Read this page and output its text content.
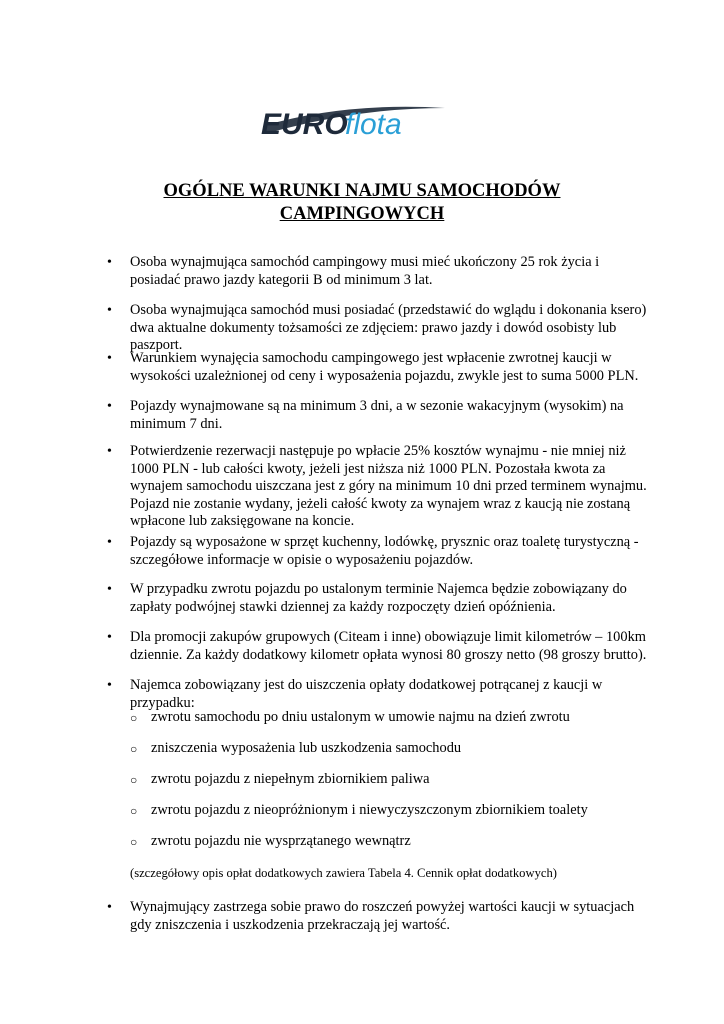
EURO
flota
OGÓLNE WARUNKI NAJMU SAMOCHODÓW
CAMPINGOWYCH
• Osoba wynajmująca samochód campingowy musi mieć ukończony 25 rok życia i posiadać prawo jazdy kategorii B od minimum 3 lat.
• Osoba wynajmująca samochód musi posiadać (przedstawić do wglądu i dokonania ksero) dwa aktualne dokumenty tożsamości ze zdjęciem: prawo jazdy i dowód osobisty lub paszport.
• Warunkiem wynajęcia samochodu campingowego jest wpłacenie zwrotnej kaucji w wysokości uzależnionej od ceny i wyposażenia pojazdu, zwykle jest to suma 5000 PLN.
• Pojazdy wynajmowane są na minimum 3 dni, a w sezonie wakacyjnym (wysokim) na minimum 7 dni.
• Potwierdzenie rezerwacji następuje po wpłacie 25% kosztów wynajmu - nie mniej niż 1000 PLN - lub całości kwoty, jeżeli jest niższa niż 1000 PLN. Pozostała kwota za wynajem samochodu uiszczana jest z góry na minimum 10 dni przed terminem wynajmu. Pojazd nie zostanie wydany, jeżeli całość kwoty za wynajem wraz z kaucją nie zostaną wpłacone lub zaksięgowane na koncie.
• Pojazdy są wyposażone w sprzęt kuchenny, lodówkę, prysznic oraz toaletę turystyczną - szczegółowe informacje w opisie o wyposażeniu pojazdów.
• W przypadku zwrotu pojazdu po ustalonym terminie Najemca będzie zobowiązany do zapłaty podwójnej stawki dziennej za każdy rozpoczęty dzień opóźnienia.
• Dla promocji zakupów grupowych (Citeam i inne) obowiązuje limit kilometrów – 100km dziennie. Za każdy dodatkowy kilometr opłata wynosi 80 groszy netto (98 groszy brutto).
• Najemca zobowiązany jest do uiszczenia opłaty dodatkowej potrącanej z kaucji w przypadku:
○ zwrotu samochodu po dniu ustalonym w umowie najmu na dzień zwrotu
○ zniszczenia wyposażenia lub uszkodzenia samochodu
○ zwrotu pojazdu z niepełnym zbiornikiem paliwa
○ zwrotu pojazdu z nieopróżnionym i niewyczyszczonym zbiornikiem toalety
○ zwrotu pojazdu nie wysprzątanego wewnątrz
(szczegółowy opis opłat dodatkowych zawiera Tabela 4. Cennik opłat dodatkowych)
• Wynajmujący zastrzega sobie prawo do roszczeń powyżej wartości kaucji w sytuacjach gdy zniszczenia i uszkodzenia przekraczają jej wartość.
